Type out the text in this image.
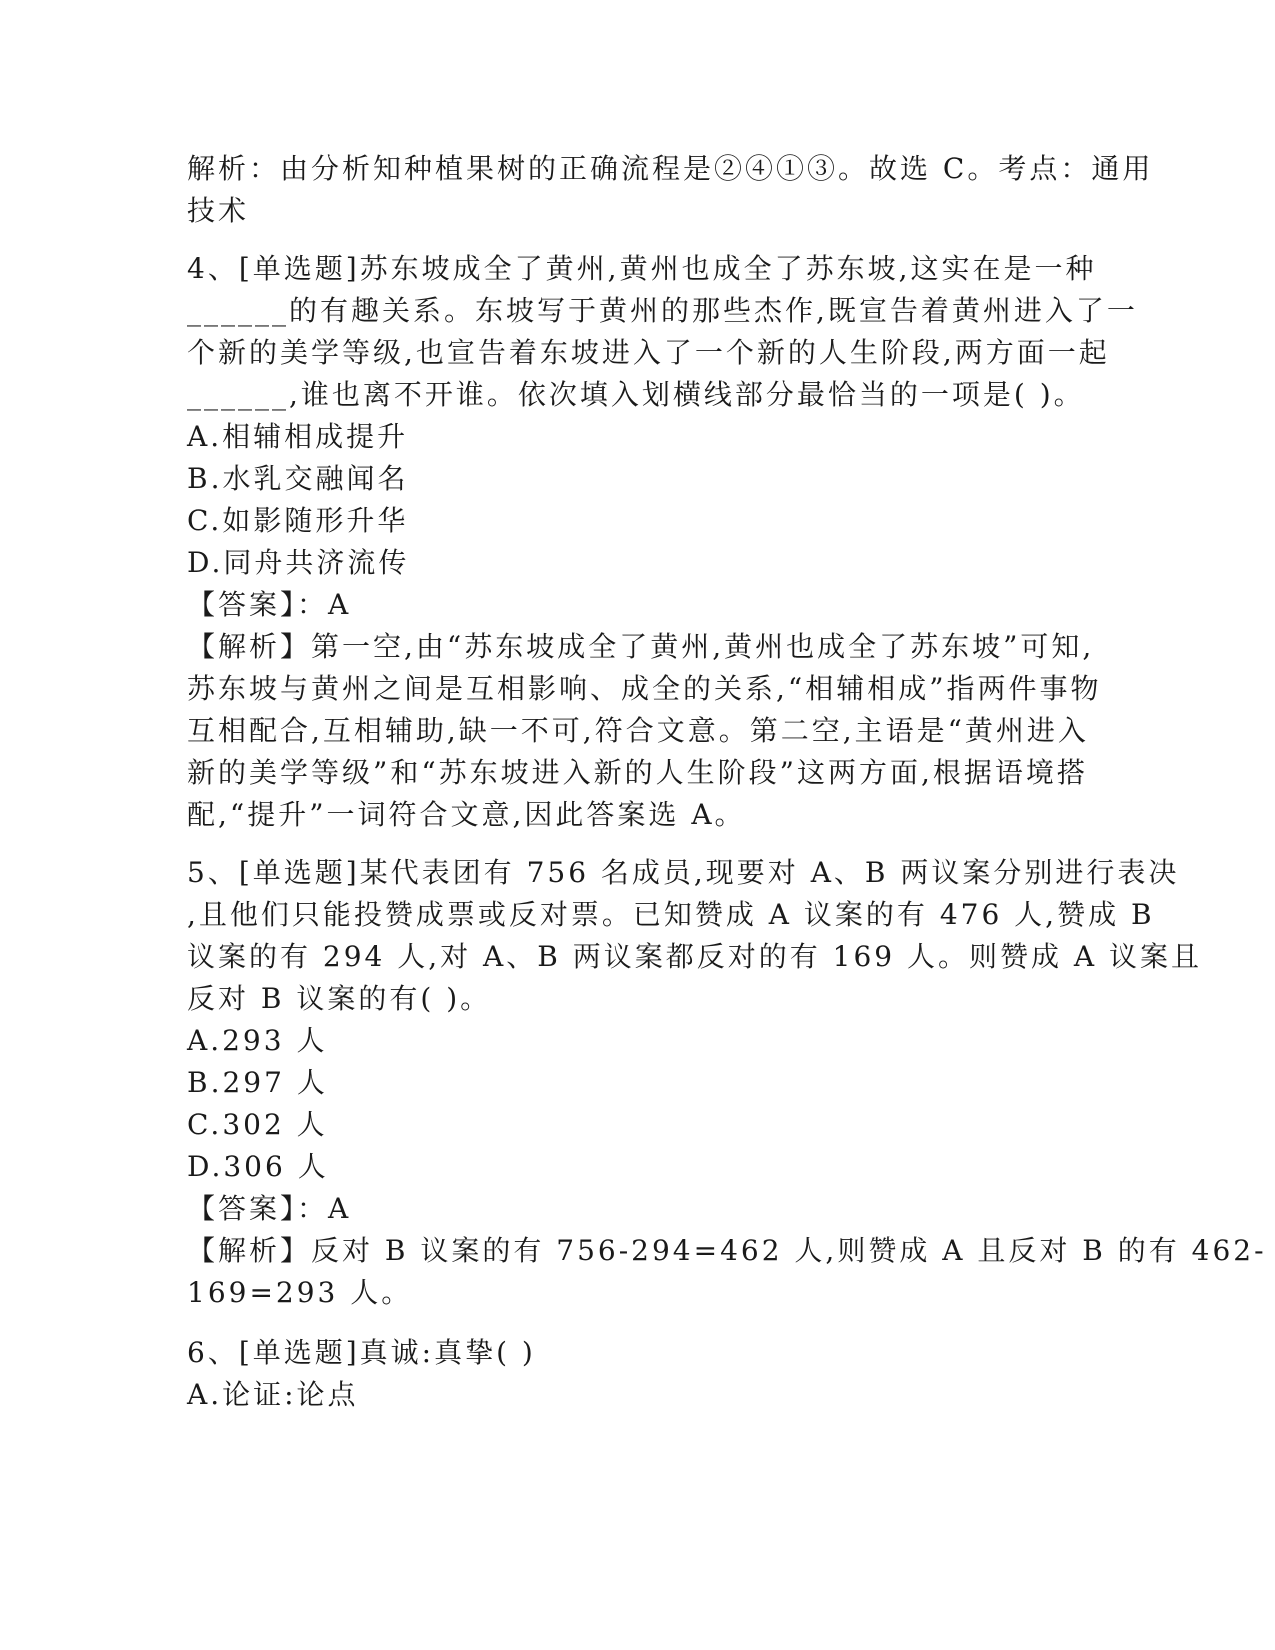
解析：由分析知种植果树的正确流程是②④①③。故选 C。考点：通用
技术
4、[单选题]苏东坡成全了黄州,黄州也成全了苏东坡,这实在是一种
______的有趣关系。东坡写于黄州的那些杰作,既宣告着黄州进入了一
个新的美学等级,也宣告着东坡进入了一个新的人生阶段,两方面一起
______,谁也离不开谁。依次填入划横线部分最恰当的一项是( )。
A.相辅相成提升
B.水乳交融闻名
C.如影随形升华
D.同舟共济流传
【答案】：A
【解析】第一空,由“苏东坡成全了黄州,黄州也成全了苏东坡”可知,
苏东坡与黄州之间是互相影响、成全的关系,“相辅相成”指两件事物
互相配合,互相辅助,缺一不可,符合文意。第二空,主语是“黄州进入
新的美学等级”和“苏东坡进入新的人生阶段”这两方面,根据语境搭
配,“提升”一词符合文意,因此答案选 A。
5、[单选题]某代表团有 756 名成员,现要对 A、B 两议案分别进行表决
,且他们只能投赞成票或反对票。已知赞成 A 议案的有 476 人,赞成 B
议案的有 294 人,对 A、B 两议案都反对的有 169 人。则赞成 A 议案且
反对 B 议案的有( )。
A.293 人
B.297 人
C.302 人
D.306 人
【答案】：A
【解析】反对 B 议案的有 756-294=462 人,则赞成 A 且反对 B 的有 462-
169=293 人。
6、[单选题]真诚:真挚( )
A.论证:论点
